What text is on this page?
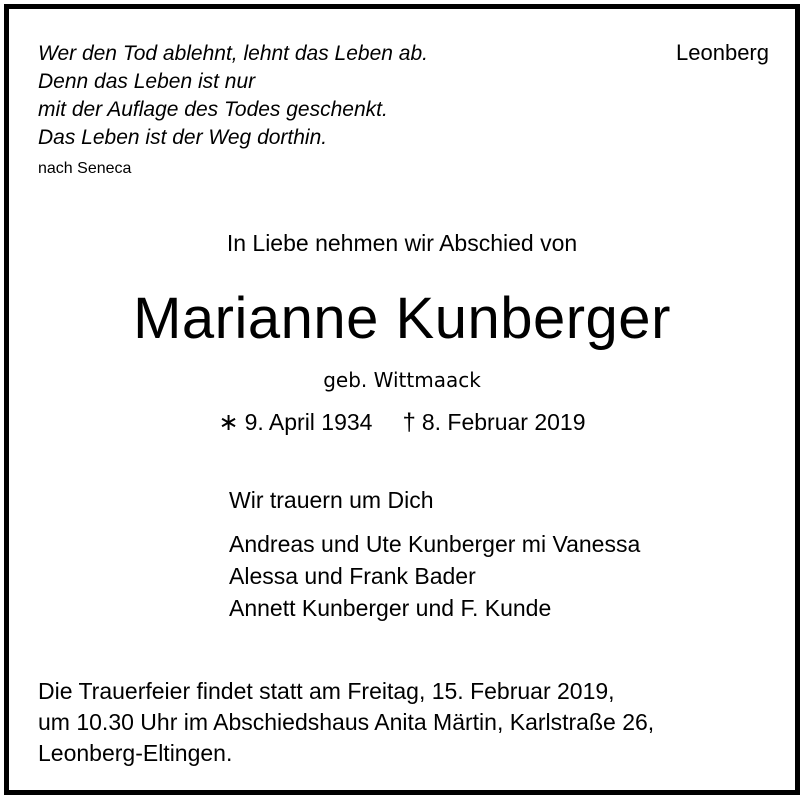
Wer den Tod ablehnt, lehnt das Leben ab.
Denn das Leben ist nur
mit der Auflage des Todes geschenkt.
Das Leben ist der Weg dorthin.
nach Seneca
Leonberg
In Liebe nehmen wir Abschied von
Marianne Kunberger
geb. Wittmaack
∗ 9. April 1934 † 8. Februar 2019
Wir trauern um Dich
Andreas und Ute Kunberger mi Vanessa
Alessa und Frank Bader
Annett Kunberger und F. Kunde
Die Trauerfeier findet statt am Freitag, 15. Februar 2019,
um 10.30 Uhr im Abschiedshaus Anita Märtin, Karlstraße 26,
Leonberg-Eltingen.
